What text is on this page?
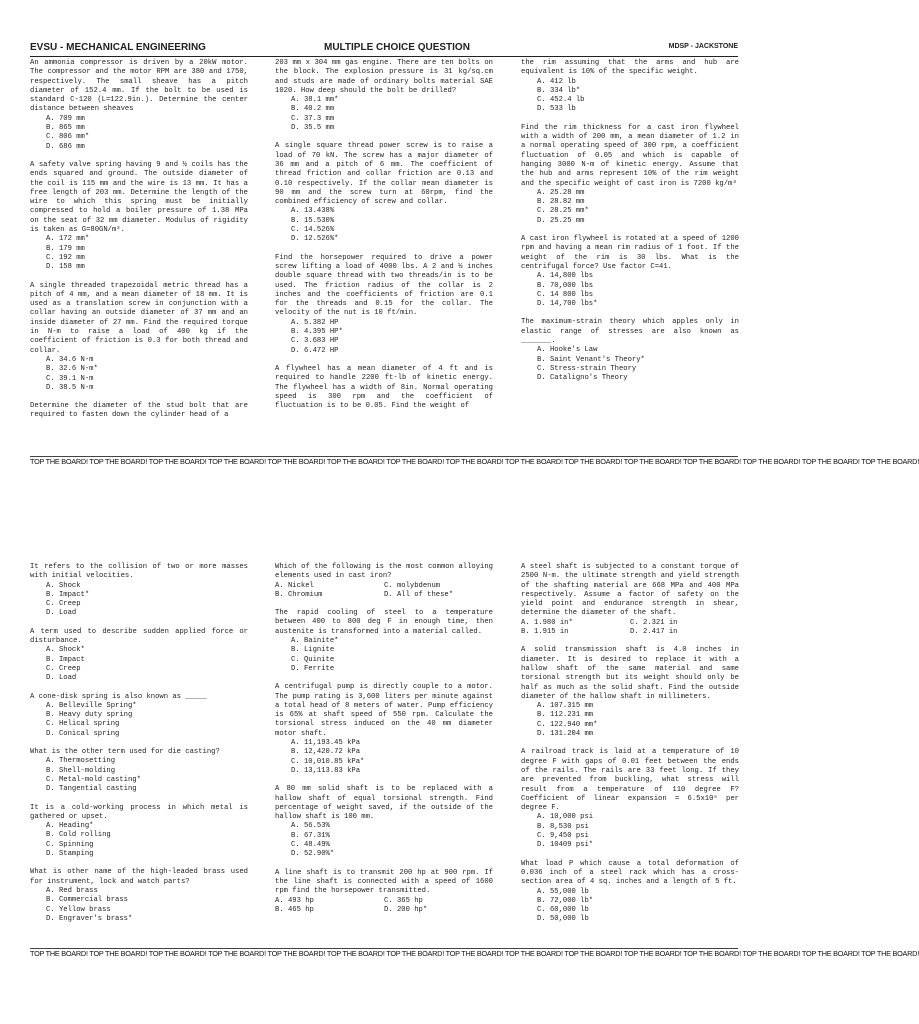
EVSU - MECHANICAL ENGINEERING	MULTIPLE CHOICE QUESTION	MDSP - JACKSTONE
An ammonia compressor is driven by a 20kW motor. The compressor and the motor RPM are 380 and 1750, respectively. The small sheave has a pitch diameter of 152.4 mm. If the bolt to be used is standard C-120 (L=122.9in.). Determine the center distance between sheaves
A. 709 mm
B. 865 mm
C. 806 mm*
D. 686 mm
A safety valve spring having 9 and ½ coils has the ends squared and ground. The outside diameter of the coil is 115 mm and the wire is 13 mm. It has a free length of 203 mm. Determine the length of the wire to which this spring must be initially compressed to hold a boiler pressure of 1.38 MPa on the seat of 32 mm diameter. Modulus of rigidity is taken as G=80GN/m².
A. 172 mm*
B. 179 mm
C. 192 mm
D. 158 mm
A single threaded trapezoidal metric thread has a pitch of 4 mm, and a mean diameter of 18 mm. It is used as a translation screw in conjunction with a collar having an outside diameter of 37 mm and an inside diameter of 27 mm. Find the required torque in N-m to raise a load of 400 kg if the coefficient of friction is 0.3 for both thread and collar.
A. 34.6 N-m
B. 32.6 N-m*
C. 39.1 N-m
D. 38.5 N-m
Determine the diameter of the stud bolt that are required to fasten down the cylinder head of a
203 mm x 304 mm gas engine. There are ten bolts on the block. The explosion pressure is 31 kg/sq.cm and studs are made of ordinary bolts material SAE 1020. How deep should the bolt be drilled?
A. 38.1 mm*
B. 40.2 mm
C. 37.3 mm
D. 35.5 mm
A single square thread power screw is to raise a load of 70 kN. The screw has a major diameter of 36 mm and a pitch of 6 mm. The coefficient of thread friction and collar friction are 0.13 and 0.10 respectively. If the collar mean diameter is 90 mm and the screw turn at 60rpm, find the combined efficiency of screw and collar.
A. 13.438%
B. 15.530%
C. 14.526%
D. 12.526%*
Find the horsepower required to drive a power screw lifting a load of 4000 lbs. A 2 and ½ inches double square thread with two threads/in is to be used. The friction radius of the collar is 2 inches and the coefficients of friction are 0.1 for the threads and 0.15 for the collar. The velocity of the nut is 10 ft/min.
A. 5.382 HP
B. 4.395 HP*
C. 3.683 HP
D. 6.472 HP
A flywheel has a mean diameter of 4 ft and is required to handle 2200 ft-lb of kinetic energy. The flywheel has a width of 8in. Normal operating speed is 300 rpm and the coefficient of fluctuation is to be 0.05. Find the weight of
the rim assuming that the arms and hub are equivalent is 10% of the specific weight.
A. 412 lb
B. 334 lb*
C. 452.4 lb
D. 533 lb
Find the rim thickness for a cast iron flywheel with a width of 200 mm, a mean diameter of 1.2 in a normal operating speed of 300 rpm, a coefficient fluctuation of 0.05 and which is capable of hanging 3000 N-m of kinetic energy. Assume that the hub and arms represent 10% of the rim weight and the specific weight of cast iron is 7200 kg/m³
A. 25.28 mm
B. 28.82 mm
C. 28.25 mm*
D. 25.25 mm
A cast iron flywheel is rotated at a speed of 1200 rpm and having a mean rim radius of 1 foot. If the weight of the rim is 30 lbs. What is the centrifugal force? Use factor C=41.
A. 14,800 lbs
B. 70,000 lbs
C. 14 800 lbs
D. 14,700 lbs*
The maximum-strain theory which apples only in elastic range of stresses are also known as _______.
A. Hooke's Law
B. Saint Venant's Theory*
C. Stress-strain Theory
D. Cataligno's Theory
TOP THE BOARD! TOP THE BOARD! TOP THE BOARD! TOP THE BOARD! TOP THE BOARD! TOP THE BOARD! TOP THE BOARD! TOP THE BOARD! TOP THE BOARD! TOP THE BOARD! TOP THE BOARD! TOP THE BOARD! TOP THE BOARD! TOP THE BOARD! TOP THE BOARD!
It refers to the collision of two or more masses with initial velocities.
A. Shock
B. Impact*
C. Creep
D. Load
A term used to describe sudden applied force or disturbance.
A. Shock*
B. Impact
C. Creep
D. Load
A cone-disk spring is also known as _____
A. Belleville Spring*
B. Heavy duty spring
C. Helical spring
D. Conical spring
What is the other term used for die casting?
A. Thermosetting
B. Shell-molding
C. Metal-mold casting*
D. Tangential casting
It is a cold-working process in which metal is gathered or upset.
A. Heading*
B. Cold rolling
C. Spinning
D. Stamping
What is other name of the high-leaded brass used for instrument, lock and watch parts?
A. Red brass
B. Commercial brass
C. Yellow brass
D. Engraver's brass*
Which of the following is the most common alloying elements used in cast iron?
A. Nickel	C. molybdenum
B. Chromium	D. All of these*
The rapid cooling of steel to a temperature between 400 to 800 deg F in enough time, then austenite is transformed into a material called.
A. Bainite*
B. Lignite
C. Quinite
D. Ferrite
A centrifugal pump is directly couple to a motor. The pump rating is 3,600 liters per minute against a total head of 8 meters of water. Pump efficiency is 65% at shaft speed of 550 rpm. Calculate the torsional stress induced on the 40 mm diameter motor shaft.
A. 11,193.45 kPa
B. 12,420.72 kPa
C. 10,010.85 kPa*
D. 13,113.83 kPa
A 80 mm solid shaft is to be replaced with a hallow shaft of equal torsional strength. Find percentage of weight saved, if the outside of the hallow shaft is 100 mm.
A. 56.53%
B. 67.31%
C. 48.49%
D. 52.90%*
A line shaft is to transmit 200 hp at 900 rpm. If the line shaft is connected with a speed of 1600 rpm find the horsepower transmitted.
A. 493 hp	C. 365 hp
B. 465 hp	D. 200 hp*
A steel shaft is subjected to a constant torque of 2500 N-m. the ultimate strength and yield strength of the shafting material are 668 MPa and 400 MPa respectively. Assume a factor of safety on the yield point and endurance strength in shear, determine the diameter of the shaft.
A. 1.980 in*	C. 2.321 in
B. 1.915 in	D. 2.417 in
A solid transmission shaft is 4.0 inches in diameter. It is desired to replace it with a hallow shaft of the same material and same torsional strength but its weight should only be half as much as the solid shaft. Find the outside diameter of the hallow shaft in millimeters.
A. 107.315 mm
B. 112.231 mm
C. 122.940 mm*
D. 131.204 mm
A railroad track is laid at a temperature of 10 degree F with gaps of 0.01 feet between the ends of the rails. The rails are 33 feet long. If they are prevented from buckling, what stress will result from a temperature of 110 degree F? Coefficient of linear expansion = 6.5x10⁶ per degree F.
A. 10,000 psi
B. 8,530 psi
C. 9,450 psi
D. 10409 psi*
What load P which cause a total deformation of 0.036 inch of a steel rack which has a cross-section area of 4 sq. inches and a length of 5 ft.
A. 55,000 lb
B. 72,000 lb*
C. 60,000 lb
D. 50,000 lb
TOP THE BOARD! TOP THE BOARD! TOP THE BOARD! TOP THE BOARD! TOP THE BOARD! TOP THE BOARD! TOP THE BOARD! TOP THE BOARD! TOP THE BOARD! TOP THE BOARD! TOP THE BOARD! TOP THE BOARD! TOP THE BOARD! TOP THE BOARD! TOP THE BOARD!
